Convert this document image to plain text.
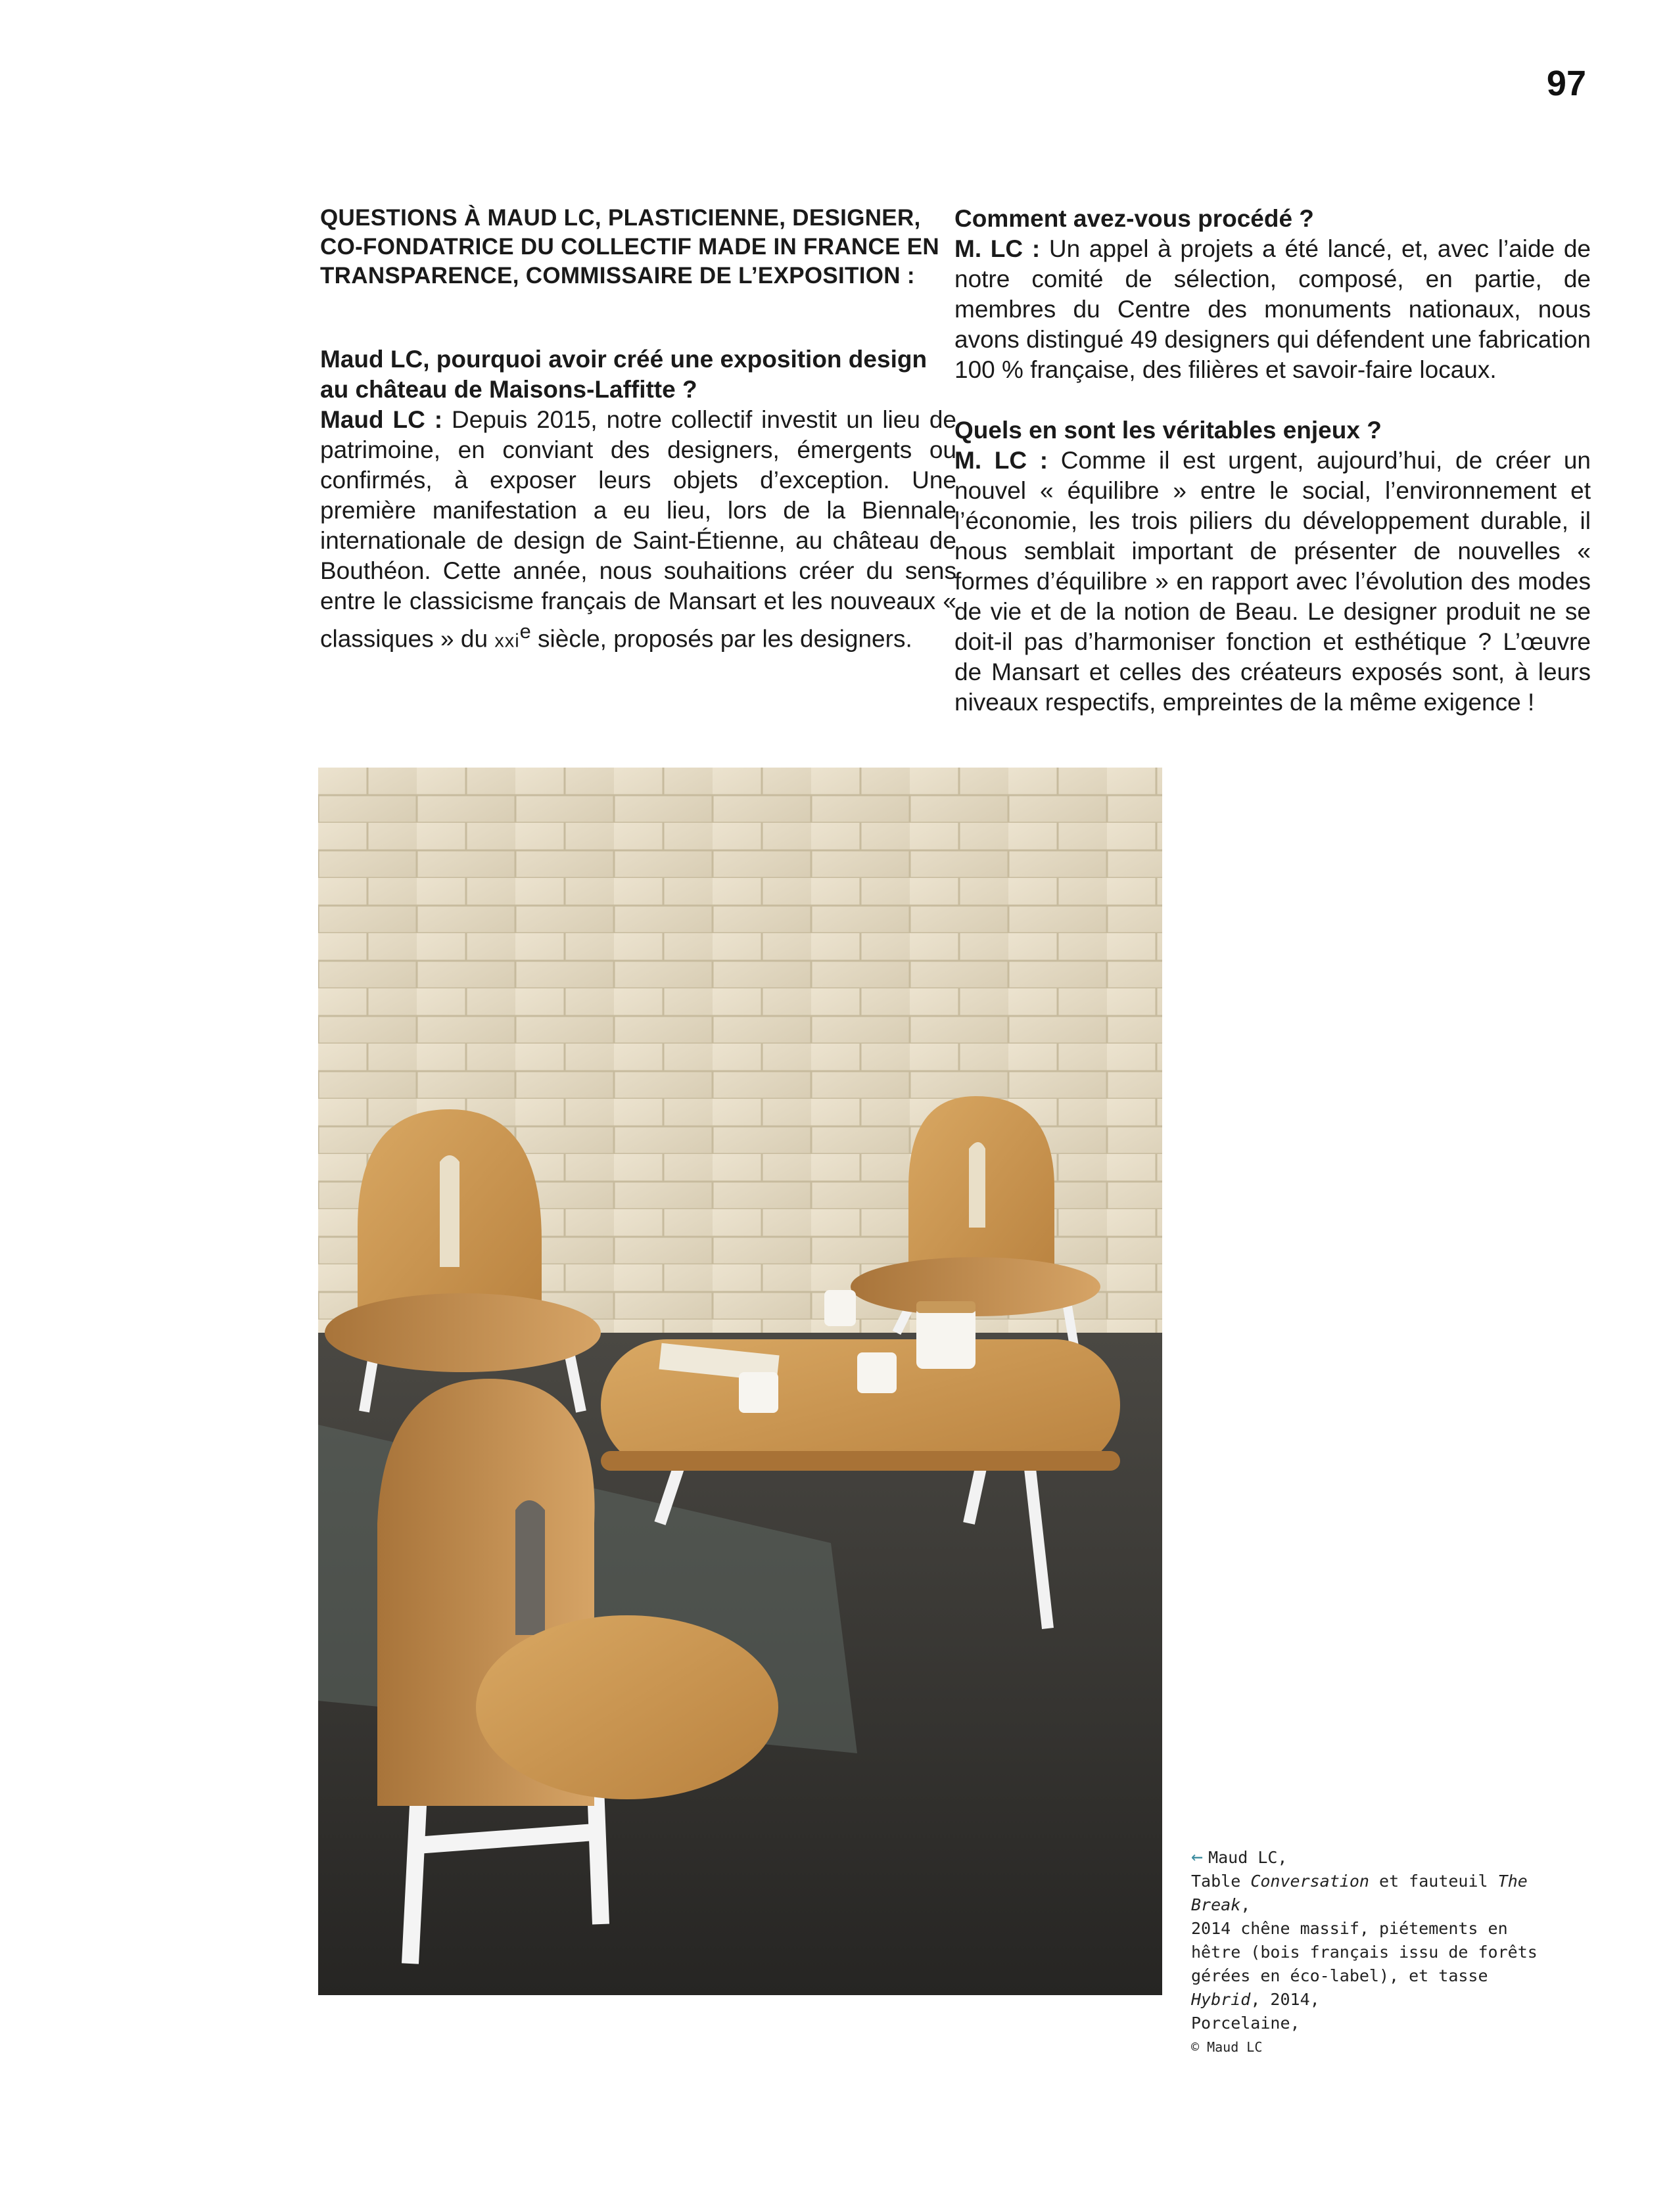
97

QUESTIONS À MAUD LC, PLASTICIENNE, DESIGNER, CO-FONDATRICE DU COLLECTIF MADE IN FRANCE EN TRANSPARENCE, COMMISSAIRE DE L’EXPOSITION :

Maud LC, pourquoi avoir créé une exposition design au château de Maisons-Laffitte ?

Maud LC : Depuis 2015, notre collectif investit un lieu de patrimoine, en conviant des designers, émergents ou confirmés, à exposer leurs objets d’exception. Une première manifestation a eu lieu, lors de la Biennale internationale de design de Saint-Étienne, au château de Bouthéon. Cette année, nous souhaitions créer du sens entre le classicisme français de Mansart et les nouveaux « classiques » du xxi$^e$ siècle, proposés par les designers.

Comment avez-vous procédé ?

M. LC : Un appel à projets a été lancé, et, avec l’aide de notre comité de sélection, composé, en partie, de membres du Centre des monuments nationaux, nous avons distingué 49 designers qui défendent une fabrication 100 % française, des filières et savoir-faire locaux.

Quels en sont les véritables enjeux ?

M. LC : Comme il est urgent, aujourd’hui, de créer un nouvel « équilibre » entre le social, l’environnement et l’économie, les trois piliers du développement durable, il nous semblait important de présenter de nouvelles « formes d’équilibre » en rapport avec l’évolution des modes de vie et de la notion de Beau. Le designer produit ne se doit-il pas d’harmoniser fonction et esthétique ? L’œuvre de Mansart et celles des créateurs exposés sont, à leurs niveaux respectifs, empreintes de la même exigence !

← Maud LC,
Table Conversation et fauteuil The Break,
2014 chêne massif, piétements en hêtre (bois français issu de forêts gérées en éco-label), et tasse Hybrid, 2014,
Porcelaine,
© Maud LC
